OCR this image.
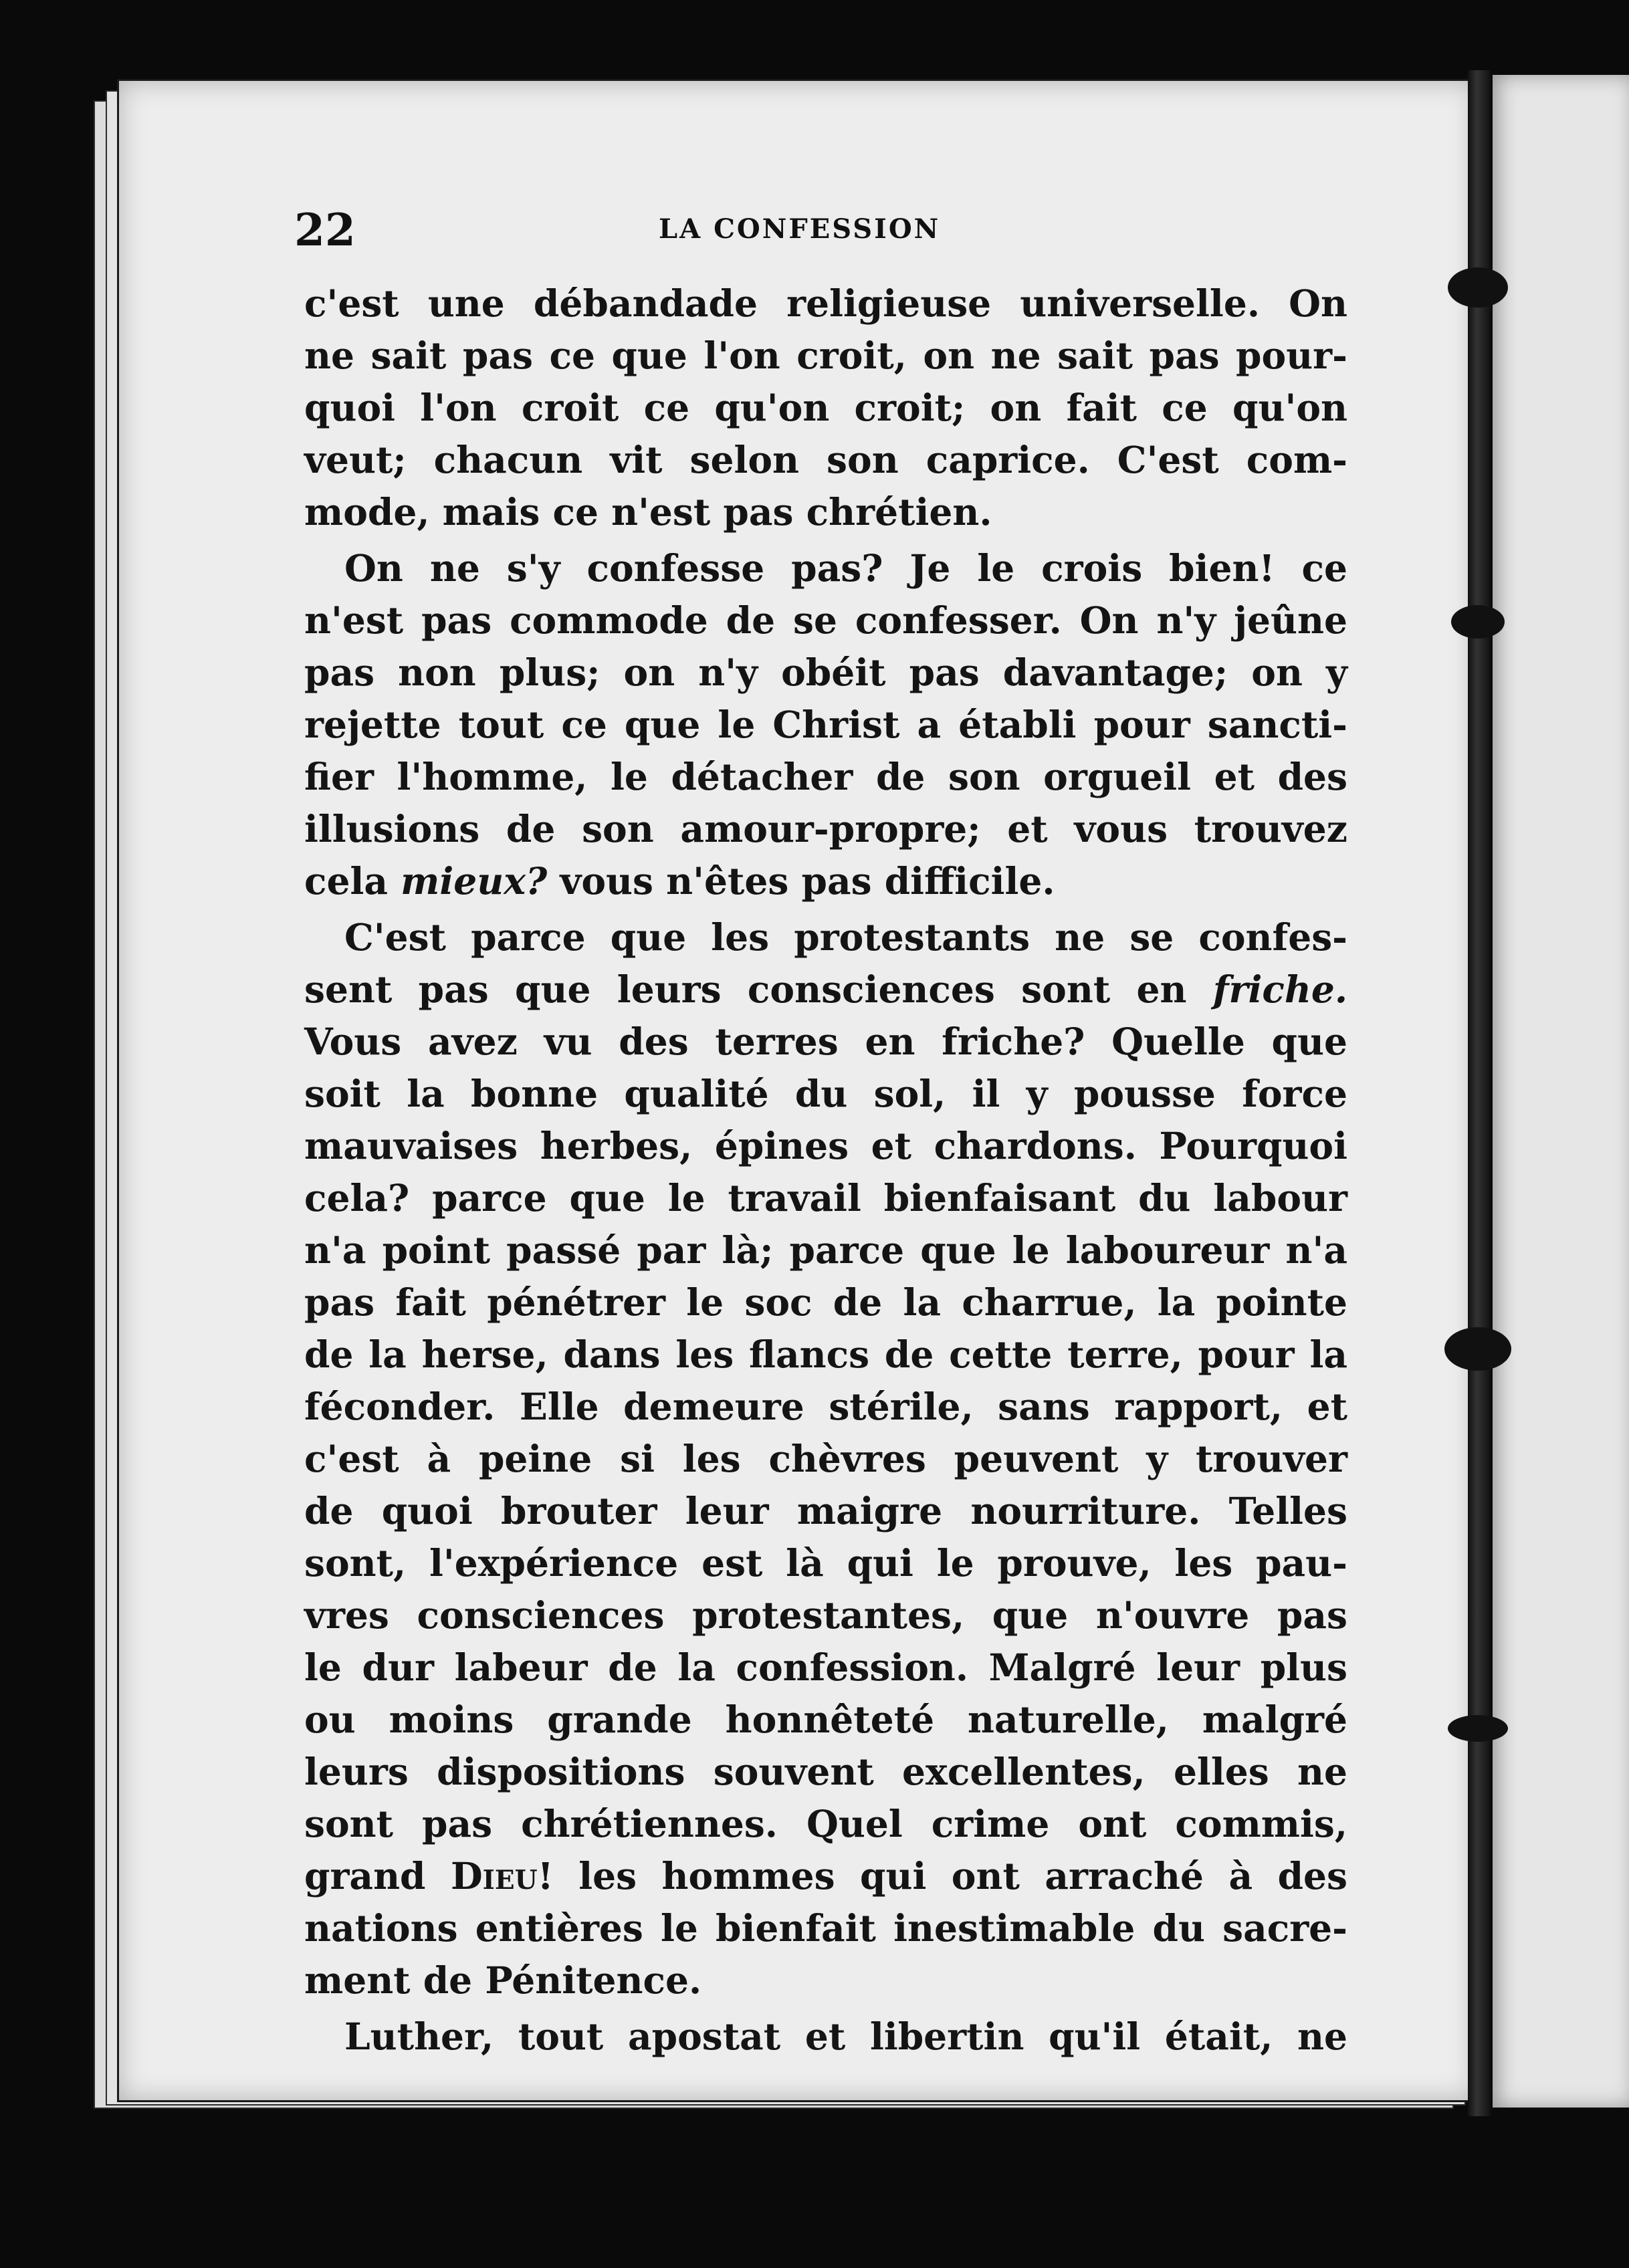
22	LA CONFESSION
c'est une débandade religieuse universelle. On
ne sait pas ce que l'on croit, on ne sait pas pour-
quoi l'on croit ce qu'on croit; on fait ce qu'on
veut; chacun vit selon son caprice. C'est com-
mode, mais ce n'est pas chrétien.
On ne s'y confesse pas? Je le crois bien! ce
n'est pas commode de se confesser. On n'y jeûne
pas non plus; on n'y obéit pas davantage; on y
rejette tout ce que le Christ a établi pour sancti-
fier l'homme, le détacher de son orgueil et des
illusions de son amour-propre; et vous trouvez
cela mieux? vous n'êtes pas difficile.
C'est parce que les protestants ne se confes-
sent pas que leurs consciences sont en friche.
Vous avez vu des terres en friche? Quelle que
soit la bonne qualité du sol, il y pousse force
mauvaises herbes, épines et chardons. Pourquoi
cela? parce que le travail bienfaisant du labour
n'a point passé par là; parce que le laboureur n'a
pas fait pénétrer le soc de la charrue, la pointe
de la herse, dans les flancs de cette terre, pour la
féconder. Elle demeure stérile, sans rapport, et
c'est à peine si les chèvres peuvent y trouver
de quoi brouter leur maigre nourriture. Telles
sont, l'expérience est là qui le prouve, les pau-
vres consciences protestantes, que n'ouvre pas
le dur labeur de la confession. Malgré leur plus
ou moins grande honnêteté naturelle, malgré
leurs dispositions souvent excellentes, elles ne
sont pas chrétiennes. Quel crime ont commis,
grand Dieu! les hommes qui ont arraché à des
nations entières le bienfait inestimable du sacre-
ment de Pénitence.
Luther, tout apostat et libertin qu'il était, ne
